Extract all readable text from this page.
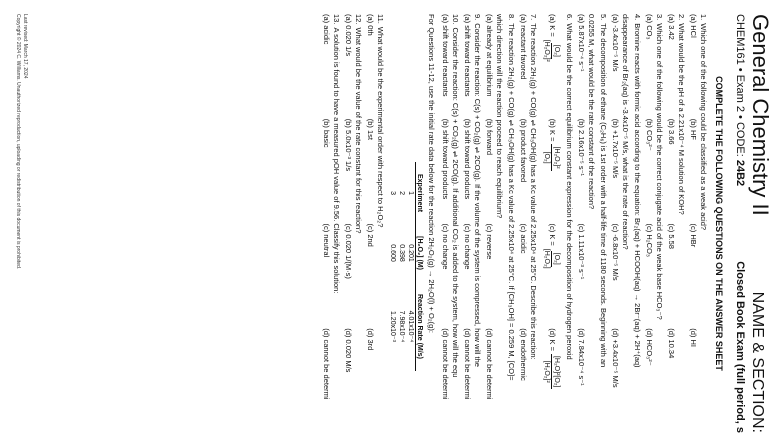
General Chemistry II
NAME & SECTION:
CHEM161 • Exam 2 • CODE: 24B2
Closed Book Exam (full period, s
COMPLETE THE FOLLOWING QUESTIONS ON THE ANSWER SHEET
1.Which one of the following could be classified as a weak acid?
(a) HCl
(b) HF
(c) HBr
(d) HI
2.What would be the pH of a 2.21x10⁻⁴ M solution of KOH?
(a) 3.42
(b) 3.66
(c) 5.58
(d) 10.34
3.Which one of the following would be the correct conjugate acid of the weak base HCO₃⁻?
(a) CO₃
(b) CO₃²⁻
(c) H₂CO₃
(d) HCO₃²⁻
4.Bromine reacts with formic acid according to the equation: Br₂(aq) + HCOOH(aq) → 2Br⁻(aq) + 2H⁺(aq)
disappearance of Br₂(aq) is -3.4x10⁻⁵ M/s, what is the rate of reaction?
(a) -3.4x10⁻⁵ M/s
(b) +1.7x10⁻⁵ M/s
(c) -6.8x10⁻⁵ M/s
(d) +3.4x10⁻⁵ M/s
5.The decomposition of ethane (C₂H₆) is 1st order with a half-life time of 1180 seconds. Beginning with an
0.0255 M, what would be the rate constant of the reaction?
(a) 5.87x10⁻⁴ s⁻¹
(b) 2.16x10⁻⁵ s⁻¹
(c) 1.11x10⁻³ s⁻¹
(d) 7.84x10⁻⁴ s⁻¹
6.What would be the correct equilibrium constant expression for the decomposition of hydrogen peroxid
(a) K =
[O₂]
[H₂O₂]²
(b) K =
[H₂O₂]²
[O₂]
(c) K =
[O₂]
[H₂O₂]
(d) K =
[H₂O]²[O₂]
[H₂O₂]²
7.The reaction 2H₂(g) + CO(g) ⇌ CH₃OH(g) has a Kc value of 2.25x10⁴ at 25°C. Describe this reaction:
(a) reactant favored
(b) product favored
(c) acidic
(d) endothermic
8.The reaction 2H₂(g) + CO(g) ⇌ CH₃OH(g) has a Kc value of 2.25x10⁴ at 25°C. If [CH₃OH] = 0.259 M, [CO]=
which direction will the reaction proceed to reach equilibrium?
(a) already at equilibrium
(b) forward
(c) reverse
(d) cannot be determi
9.Consider the reaction: C(s) + CO₂(g) ⇌ 2CO(g). If the volume of the system is compressed, how will the
(a) shift toward reactants
(b) shift toward products
(c) no change
(d) cannot be determi
10.Consider the reaction: C(s) + CO₂(g) ⇌ 2CO(g). If additional CO₂ is added to the system, how will the equ
(a) shift toward reactants
(b) shift toward products
(c) no change
(d) cannot be determi
For Questions 11-12, use the initial rate data below for the reaction 2H₂O₂(g) → 2H₂O(l) + O₂(g):
Experiment	[H₂O₂] (M)	Reaction Rate (M/s)
1	0.201	4.01x10⁻⁴
2	0.398	7.98x10⁻⁴
3	0.600	1.20x10⁻³
11.What would be the experimental order with respect to H₂O₂?
(a) 0th
(b) 1st
(c) 2nd
(d) 3rd
12.What would be the value of the rate constant for this reaction?
(a) 0.020 1/s
(b) 5.0x10⁻³ 1/s
(c) 0.020 1/(M·s)
(d) 0.020 M/s
13.A solution is found to have a measured pOH value of 9.56. Classify this solution:
(a) acidic
(b) basic
(c) neutral
(d) cannot be determi
Last revised: March 17, 2024
Copyright © 2024 C. Williams. Unauthorized reproduction, uploading or redistribution of this document is prohibited.
